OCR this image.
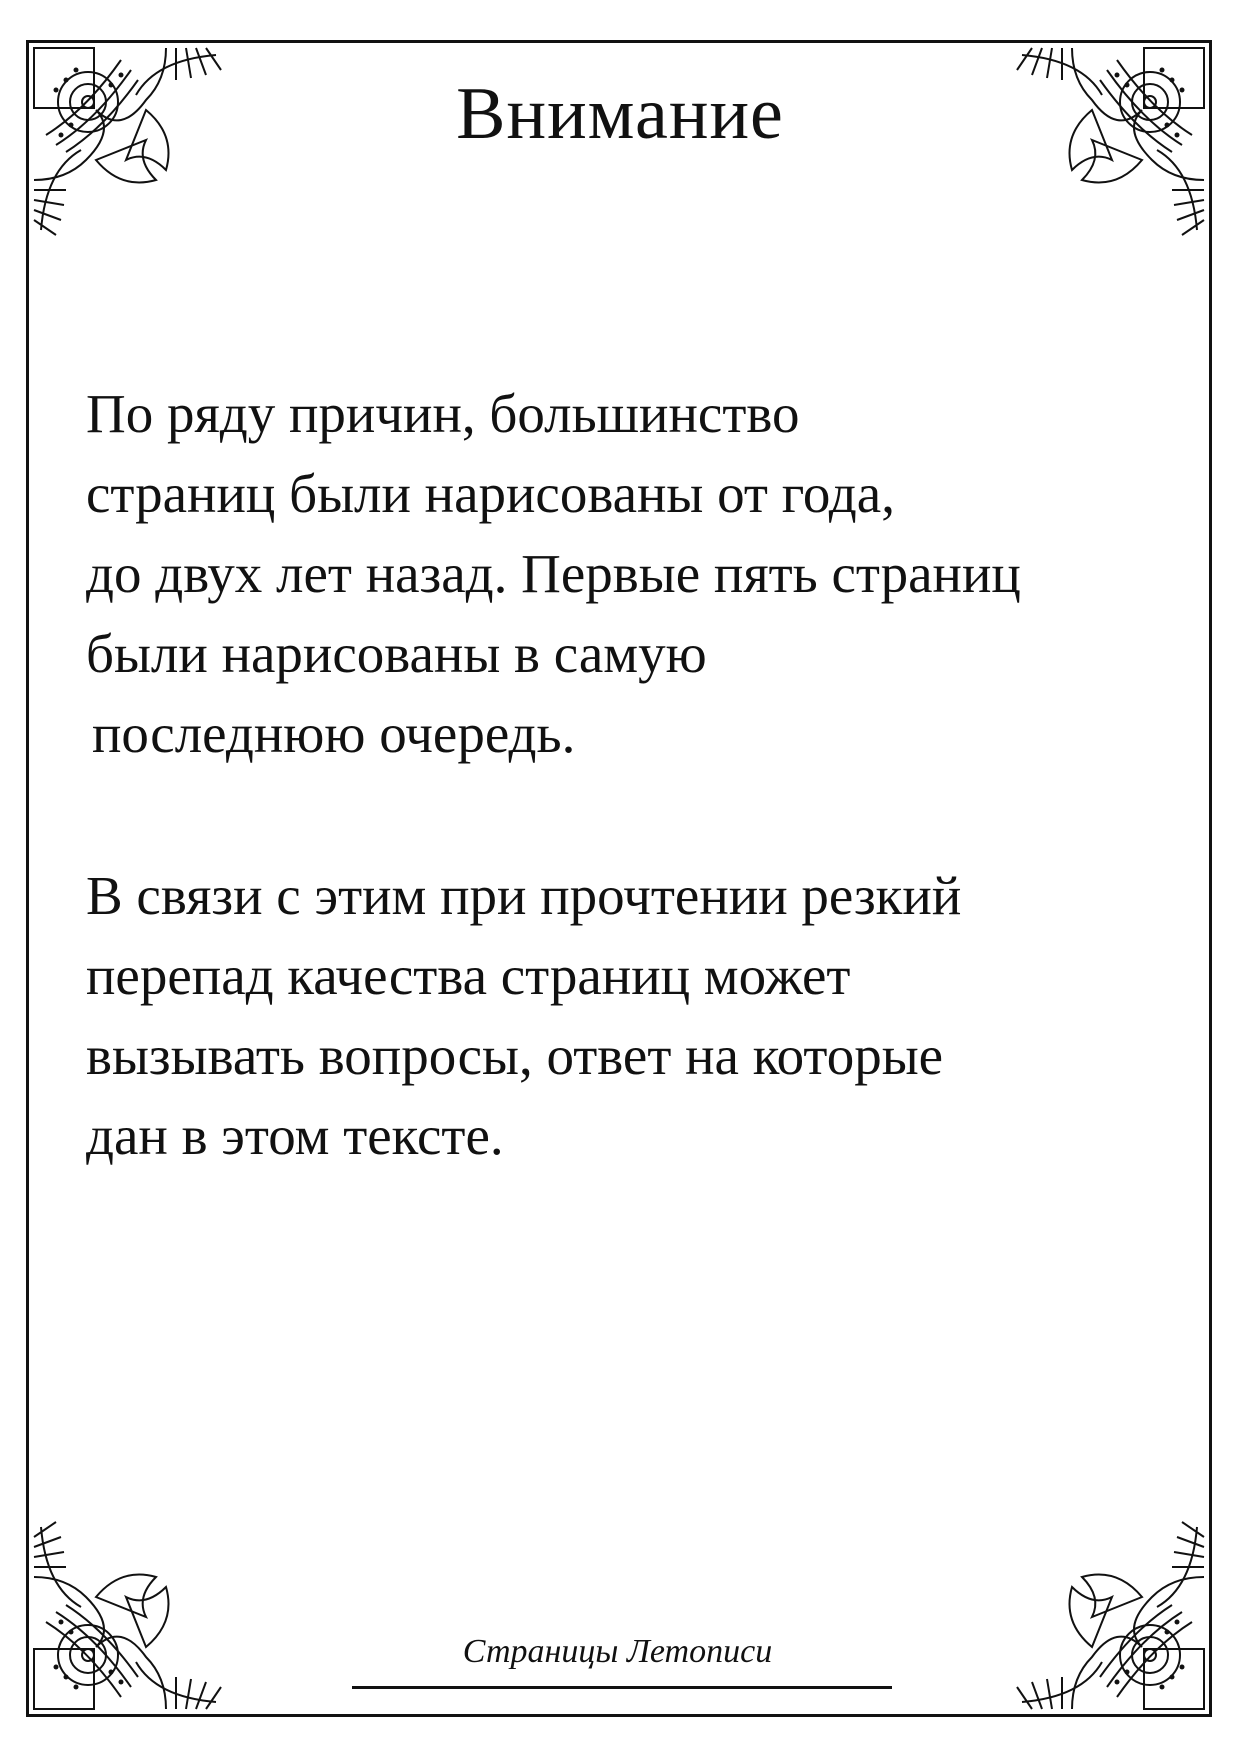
Внимание
По ряду причин, большинство
страниц были нарисованы от года,
до двух лет назад. Первые пять страниц
были нарисованы в самую
последнюю очередь.
В связи с этим при прочтении резкий
перепад качества страниц может
вызывать вопросы, ответ на которые
дан в этом тексте.
Страницы Летописи
